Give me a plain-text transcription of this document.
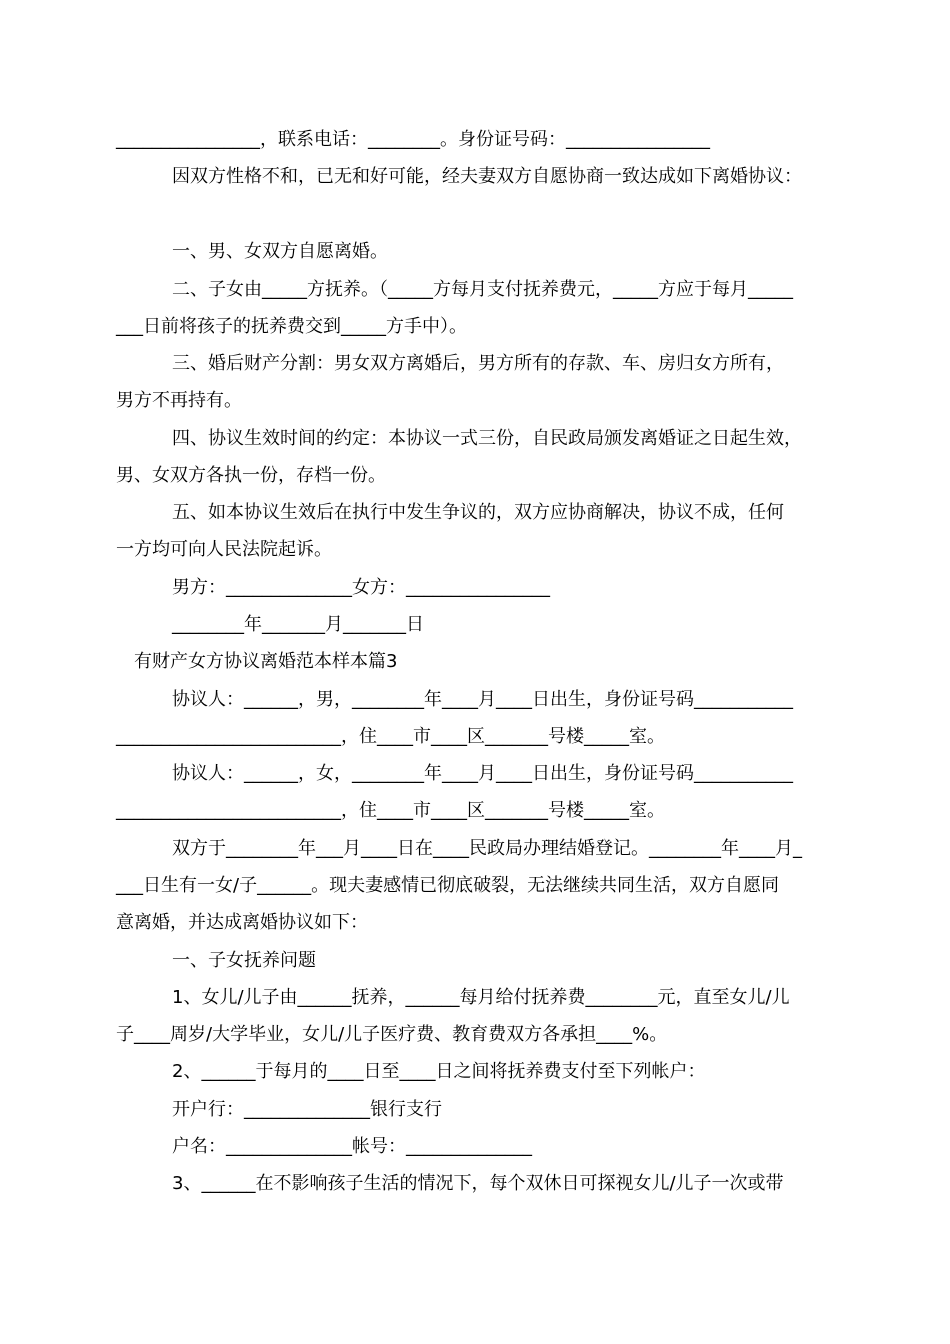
________________，联系电话：________。身份证号码：________________
因双方性格不和，已无和好可能，经夫妻双方自愿协商一致达成如下离婚协议：
一、男、女双方自愿离婚。
二、子女由_____方抚养。（_____方每月支付抚养费元，_____方应于每月_____
___日前将孩子的抚养费交到_____方手中）。
三、婚后财产分割：男女双方离婚后，男方所有的存款、车、房归女方所有，
男方不再持有。
四、协议生效时间的约定：本协议一式三份，自民政局颁发离婚证之日起生效，
男、女双方各执一份，存档一份。
五、如本协议生效后在执行中发生争议的，双方应协商解决，协议不成，任何
一方均可向人民法院起诉。
男方：______________女方：________________
________年_______月_______日
有财产女方协议离婚范本样本篇3
协议人：______，男，________年____月____日出生，身份证号码___________
_________________________，住____市____区_______号楼_____室。
协议人：______，女，________年____月____日出生，身份证号码___________
_________________________，住____市____区_______号楼_____室。
双方于________年___月____日在____民政局办理结婚登记。________年____月_
___日生有一女/子______。现夫妻感情已彻底破裂，无法继续共同生活，双方自愿同
意离婚，并达成离婚协议如下：
一、子女抚养问题
1、女儿/儿子由______抚养，______每月给付抚养费________元，直至女儿/儿
子____周岁/大学毕业，女儿/儿子医疗费、教育费双方各承担____%。
2、______于每月的____日至____日之间将抚养费支付至下列帐户：
开户行：______________银行支行
户名：______________帐号：______________
3、______在不影响孩子生活的情况下，每个双休日可探视女儿/儿子一次或带
